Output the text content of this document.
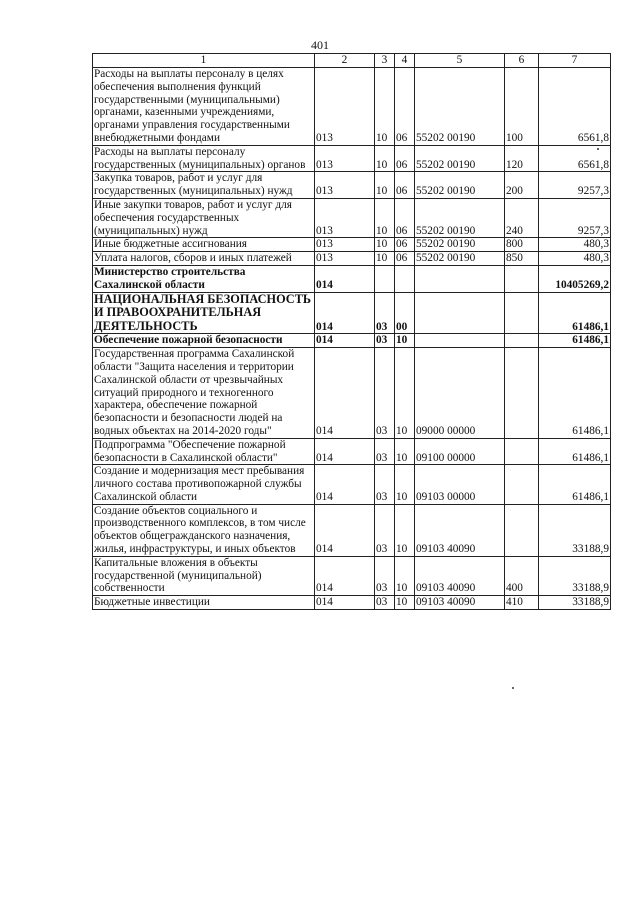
401
1	2	3	4	5	6	7
Расходы на выплаты персоналу в целях обеспечения выполнения функций государственными (муниципальными) органами, казенными учреждениями, органами управления государственными внебюджетными фондами	013	10	06	55202 00190	100	6561,8
Расходы на выплаты персоналу государственных (муниципальных) органов	013	10	06	55202 00190	120	6561,8
Закупка товаров, работ и услуг для государственных (муниципальных) нужд	013	10	06	55202 00190	200	9257,3
Иные закупки товаров, работ и услуг для обеспечения государственных (муниципальных) нужд	013	10	06	55202 00190	240	9257,3
Иные бюджетные ассигнования	013	10	06	55202 00190	800	480,3
Уплата налогов, сборов и иных платежей	013	10	06	55202 00190	850	480,3
Министерство строительства Сахалинской области	014					10405269,2
НАЦИОНАЛЬНАЯ БЕЗОПАСНОСТЬ И ПРАВООХРАНИТЕЛЬНАЯ ДЕЯТЕЛЬНОСТЬ	014	03	00			61486,1
Обеспечение пожарной безопасности	014	03	10			61486,1
Государственная программа Сахалинской области "Защита населения и территории Сахалинской области от чрезвычайных ситуаций природного и техногенного характера, обеспечение пожарной безопасности и безопасности людей на водных объектах на 2014-2020 годы"	014	03	10	09000 00000		61486,1
Подпрограмма "Обеспечение пожарной безопасности в Сахалинской области"	014	03	10	09100 00000		61486,1
Создание и модернизация мест пребывания личного состава противопожарной службы Сахалинской области	014	03	10	09103 00000		61486,1
Создание объектов социального и производственного комплексов, в том числе объектов общегражданского назначения, жилья, инфраструктуры, и иных объектов	014	03	10	09103 40090		33188,9
Капитальные вложения в объекты государственной (муниципальной) собственности	014	03	10	09103 40090	400	33188,9
Бюджетные инвестиции	014	03	10	09103 40090	410	33188,9
